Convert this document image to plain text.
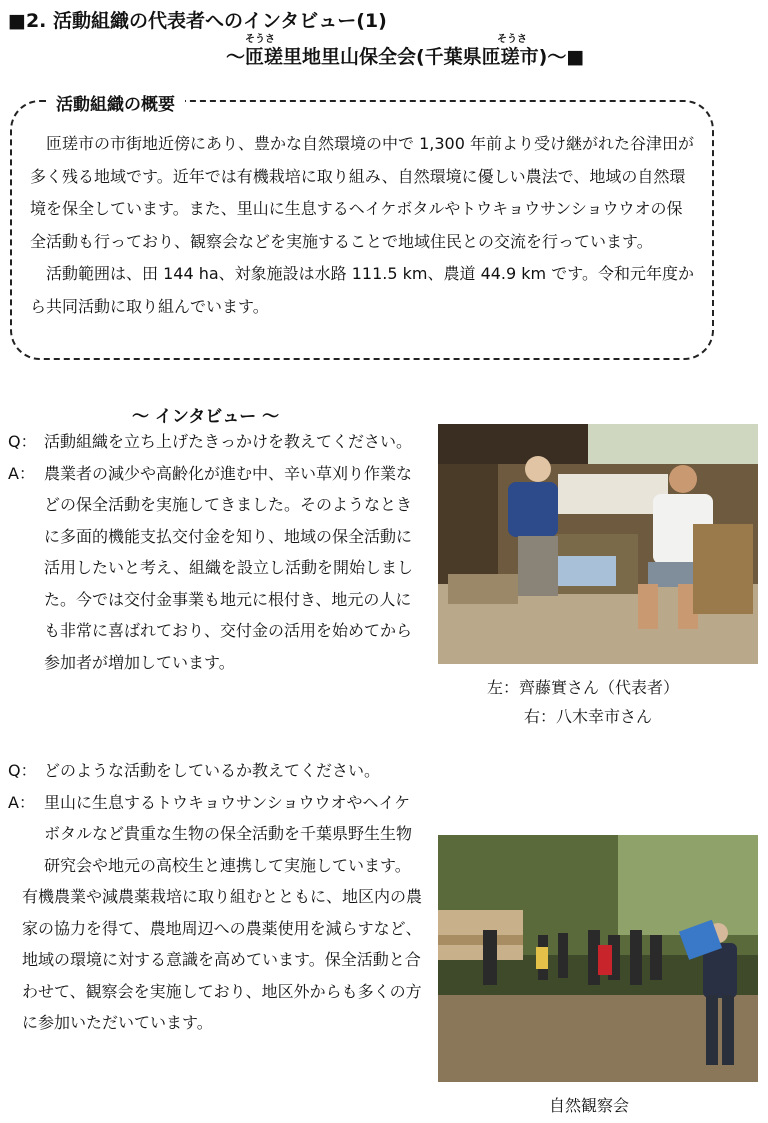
そうさ	そうさ
■2. 活動組織の代表者へのインタビュー(1)
～匝瑳里地里山保全会(千葉県匝瑳市)～■
活動組織の概要

匝瑳市の市街地近傍にあり、豊かな自然環境の中で 1,300 年前より受け継がれた谷津田が多く残る地域です。近年では有機栽培に取り組み、自然環境に優しい農法で、地域の自然環境を保全しています。また、里山に生息するヘイケボタルやトウキョウサンショウウオの保全活動も行っており、観察会などを実施することで地域住民との交流を行っています。

活動範囲は、田 144 ha、対象施設は水路 111.5 km、農道 44.9 km です。令和元年度から共同活動に取り組んでいます。

～ インタビュー ～
Q： 活動組織を立ち上げたきっかけを教えてください。
A： 農業者の減少や高齢化が進む中、辛い草刈り作業などの保全活動を実施してきました。そのようなときに多面的機能支払交付金を知り、地域の保全活動に活用したいと考え、組織を設立し活動を開始しました。今では交付金事業も地元に根付き、地元の人にも非常に喜ばれており、交付金の活用を始めてから参加者が増加しています。
Q： どのような活動をしているか教えてください。
A： 里山に生息するトウキョウサンショウウオやヘイケボタルなど貴重な生物の保全活動を千葉県野生生物研究会や地元の高校生と連携して実施しています。

有機農業や減農薬栽培に取り組むとともに、地区内の農家の協力を得て、農地周辺への農薬使用を減らすなど、地域の環境に対する意識を高めています。保全活動と合わせて、観察会を実施しており、地区外からも多くの方に参加いただいています。

左：齊藤實さん（代表者）
右：八木幸市さん
自然観察会
